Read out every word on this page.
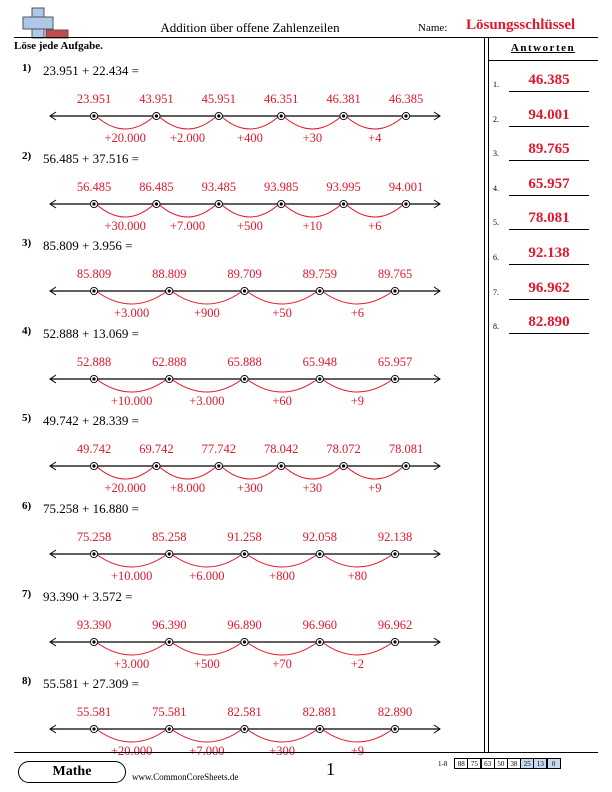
Addition über offene Zahlenzeilen	Name: Lösungsschlüssel
Löse jede Aufgabe.	Antworten
1.	46.385
2.	94.001
3.	89.765
4.	65.957
5.	78.081
6.	92.138
7.	96.962
8.	82.890
+20.000 +2.000	+400	+30	+4
23.951 43.951 45.951 46.351 46.381 46.385
1) 23.951 + 22.434 =
+30.000 +7.000	+500	+10	+6
56.485 86.485 93.485 93.985 93.995 94.001
2) 56.485 + 37.516 =
+3.000	+900	+50	+6
85.809	88.809	89.709	89.759	89.765
3) 85.809 + 3.956 =
+10.000	+3.000	+60	+9
52.888	62.888	65.888	65.948	65.957
4) 52.888 + 13.069 =
+20.000 +8.000	+300	+30	+9
49.742 69.742 77.742 78.042 78.072 78.081
5) 49.742 + 28.339 =
+10.000	+6.000	+800	+80
75.258	85.258	91.258	92.058	92.138
6) 75.258 + 16.880 =
+3.000	+500	+70	+2
93.390	96.390	96.890	96.960	96.962
7) 93.390 + 3.572 =
+20.000	+7.000	+300	+9
55.581	75.581	82.581	82.881	82.890
8) 55.581 + 27.309 =
Mathe	www.CommonCoreSheets.de	1	1-8	88 75 63 50 38 25 13	0
